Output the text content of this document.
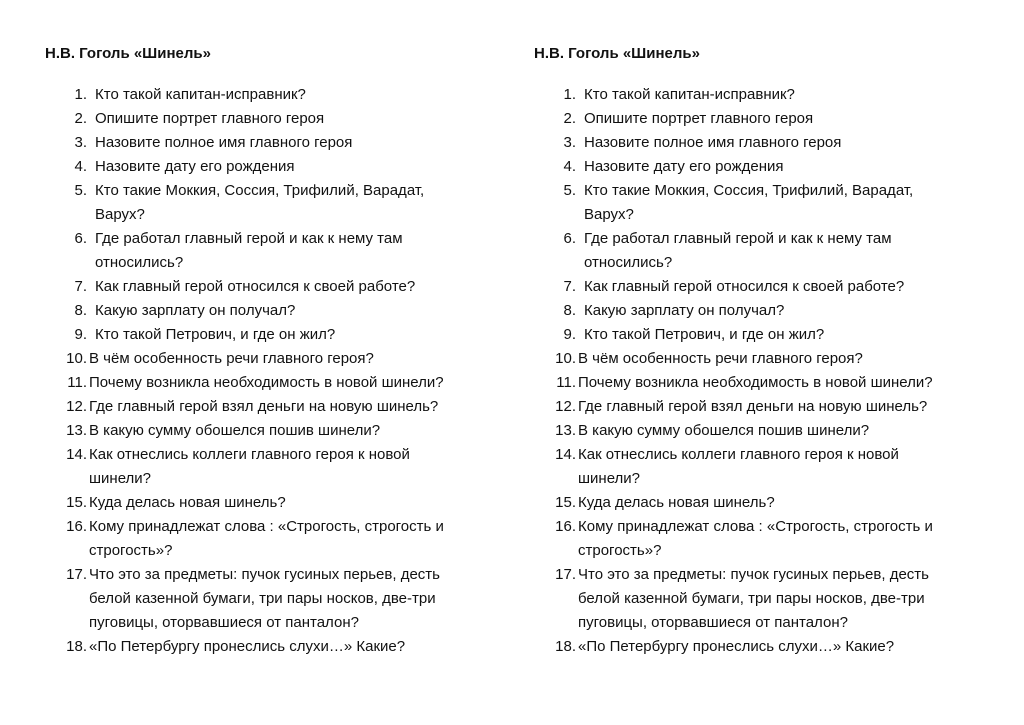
Н.В. Гоголь «Шинель»
1. Кто такой капитан-исправник?
2. Опишите портрет главного героя
3. Назовите полное имя главного героя
4. Назовите дату его рождения
5. Кто такие Моккия, Соссия, Трифилий, Варадат, Варух?
6. Где работал главный герой и как к нему там относились?
7. Как главный герой относился к своей работе?
8. Какую зарплату он получал?
9. Кто такой Петрович, и где он жил?
10. В чём особенность речи главного героя?
11. Почему возникла необходимость в новой шинели?
12. Где главный герой взял деньги на новую шинель?
13. В какую сумму обошелся пошив шинели?
14. Как отнеслись коллеги главного героя к новой шинели?
15. Куда делась новая шинель?
16. Кому принадлежат слова : «Строгость, строгость и строгость»?
17. Что это за предметы: пучок гусиных перьев, десть белой казенной бумаги, три пары носков, две-три пуговицы, оторвавшиеся от панталон?
18. «По Петербургу пронеслись слухи…» Какие?
Н.В. Гоголь «Шинель»
1. Кто такой капитан-исправник?
2. Опишите портрет главного героя
3. Назовите полное имя главного героя
4. Назовите дату его рождения
5. Кто такие Моккия, Соссия, Трифилий, Варадат, Варух?
6. Где работал главный герой и как к нему там относились?
7. Как главный герой относился к своей работе?
8. Какую зарплату он получал?
9. Кто такой Петрович, и где он жил?
10. В чём особенность речи главного героя?
11. Почему возникла необходимость в новой шинели?
12. Где главный герой взял деньги на новую шинель?
13. В какую сумму обошелся пошив шинели?
14. Как отнеслись коллеги главного героя к новой шинели?
15. Куда делась новая шинель?
16. Кому принадлежат слова : «Строгость, строгость и строгость»?
17. Что это за предметы: пучок гусиных перьев, десть белой казенной бумаги, три пары носков, две-три пуговицы, оторвавшиеся от панталон?
18. «По Петербургу пронеслись слухи…» Какие?
